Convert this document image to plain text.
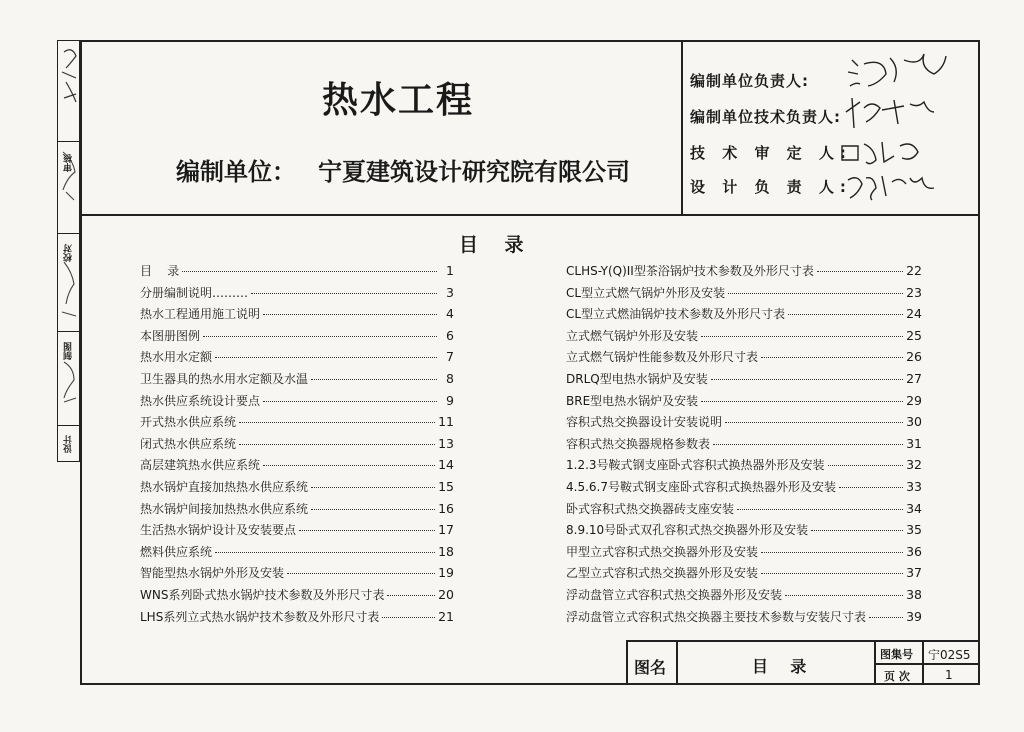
审核
校对
制图
设计
热水工程
编制单位： 宁夏建筑设计研究院有限公司
编制单位负责人:
编制单位技术负责人:
技 术 审 定 人:
设 计 负 责 人:
目    录
目    录	1
分册编制说明………	3
热水工程通用施工说明	4
本图册图例	6
热水用水定额	7
卫生器具的热水用水定额及水温	8
热水供应系统设计要点	9
开式热水供应系统	11
闭式热水供应系统	13
高层建筑热水供应系统	14
热水锅炉直接加热热水供应系统	15
热水锅炉间接加热热水供应系统	16
生活热水锅炉设计及安装要点	17
燃料供应系统	18
智能型热水锅炉外形及安装	19
WNS系列卧式热水锅炉技术参数及外形尺寸表	20
LHS系列立式热水锅炉技术参数及外形尺寸表	21
CLHS-Y(Q)II型茶浴锅炉技术参数及外形尺寸表	22
CL型立式燃气锅炉外形及安装	23
CL型立式燃油锅炉技术参数及外形尺寸表	24
立式燃气锅炉外形及安装	25
立式燃气锅炉性能参数及外形尺寸表	26
DRLQ型电热水锅炉及安装	27
BRE型电热水锅炉及安装	29
容积式热交换器设计安装说明	30
容积式热交换器规格参数表	31
1.2.3号鞍式钢支座卧式容积式换热器外形及安装	32
4.5.6.7号鞍式钢支座卧式容积式换热器外形及安装	33
卧式容积式热交换器砖支座安装	34
8.9.10号卧式双孔容积式热交换器外形及安装	35
甲型立式容积式热交换器外形及安装	36
乙型立式容积式热交换器外形及安装	37
浮动盘管立式容积式热交换器外形及安装	38
浮动盘管立式容积式热交换器主要技术参数与安装尺寸表	39
图名	目    录
图集号 宁02S5
页 次	1
